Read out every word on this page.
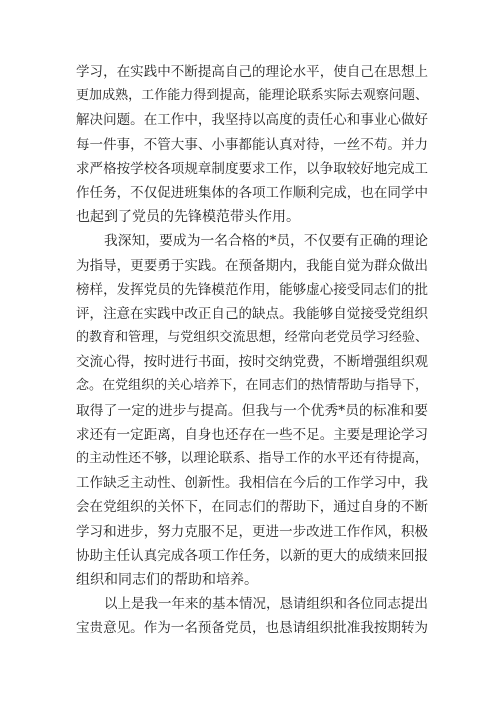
学习，在实践中不断提高自己的理论水平，使自己在思想上
更加成熟，工作能力得到提高，能理论联系实际去观察问题、
解决问题。在工作中，我坚持以高度的责任心和事业心做好
每一件事，不管大事、小事都能认真对待，一丝不苟。并力
求严格按学校各项规章制度要求工作，以争取较好地完成工
作任务，不仅促进班集体的各项工作顺利完成，也在同学中
也起到了党员的先锋模范带头作用。
我深知，要成为一名合格的*员，不仅要有正确的理论
为指导，更要勇于实践。在预备期内，我能自觉为群众做出
榜样，发挥党员的先锋模范作用，能够虚心接受同志们的批
评，注意在实践中改正自己的缺点。我能够自觉接受党组织
的教育和管理，与党组织交流思想，经常向老党员学习经验、
交流心得，按时进行书面，按时交纳党费，不断增强组织观
念。在党组织的关心培养下，在同志们的热情帮助与指导下，
取得了一定的进步与提高。但我与一个优秀*员的标准和要
求还有一定距离，自身也还存在一些不足。主要是理论学习
的主动性还不够，以理论联系、指导工作的水平还有待提高，
工作缺乏主动性、创新性。我相信在今后的工作学习中，我
会在党组织的关怀下，在同志们的帮助下，通过自身的不断
学习和进步，努力克服不足，更进一步改进工作作风，积极
协助主任认真完成各项工作任务，以新的更大的成绩来回报
组织和同志们的帮助和培养。
以上是我一年来的基本情况，恳请组织和各位同志提出
宝贵意见。作为一名预备党员，也恳请组织批准我按期转为
